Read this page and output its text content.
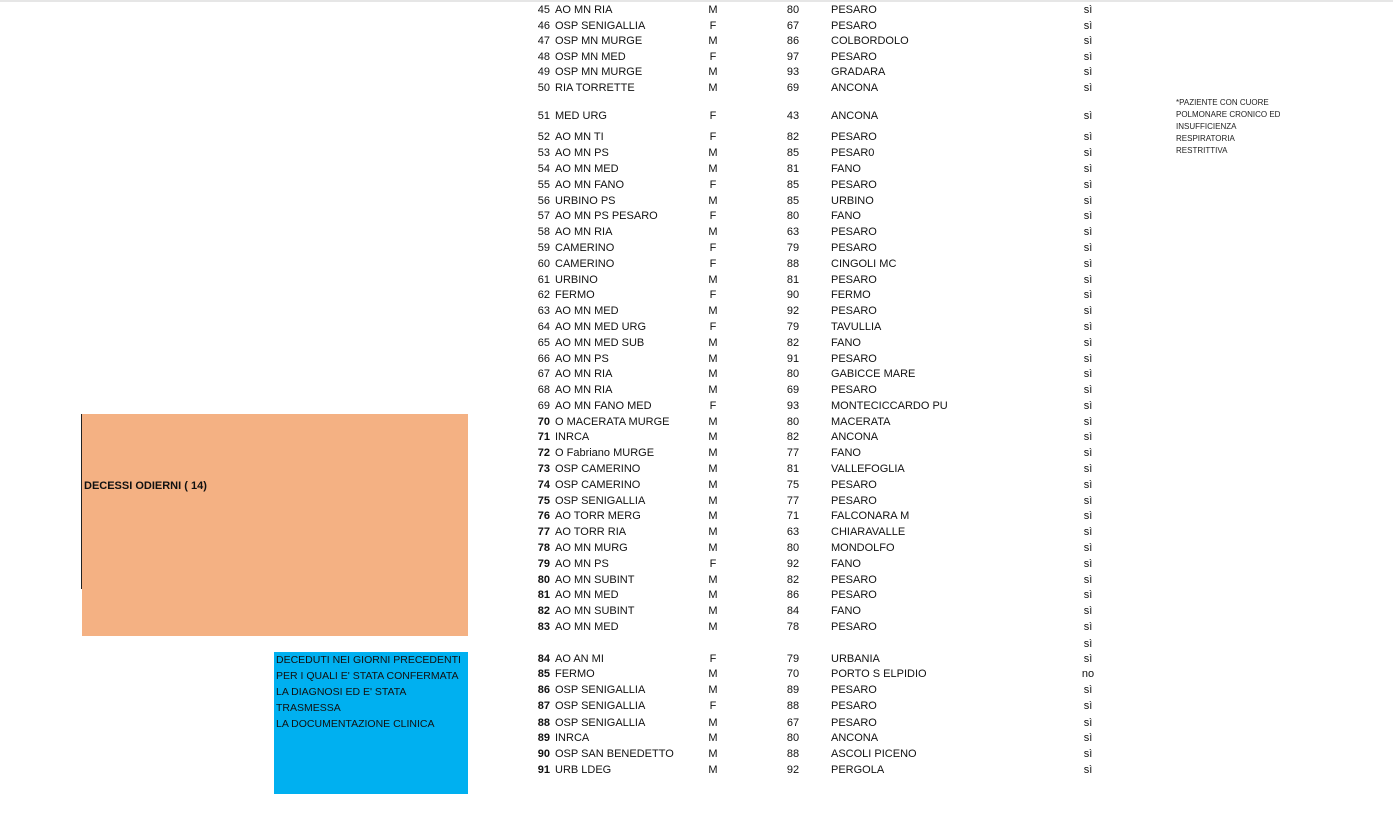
45 AO MN RIA	M	80	PESARO	sì
46 OSP SENIGALLIA	F	67	PESARO	sì
47 OSP MN MURGE	M	86	COLBORDOLO	sì
48 OSP MN MED	F	97	PESARO	sì
49 OSP MN MURGE	M	93	GRADARA	sì
50 RIA TORRETTE	M	69	ANCONA	sì
51 MED URG	F	43	ANCONA	sì
52 AO MN TI	F	82	PESARO	sì
53 AO MN PS	M	85	PESAR0	sì
54 AO MN MED	M	81	FANO	sì
55 AO MN FANO	F	85	PESARO	sì
56 URBINO PS	M	85	URBINO	sì
57 AO MN PS PESARO	F	80	FANO	sì
58 AO MN RIA	M	63	PESARO	sì
59 CAMERINO	F	79	PESARO	sì
60 CAMERINO	F	88	CINGOLI MC	sì
61 URBINO	M	81	PESARO	sì
62 FERMO	F	90	FERMO	sì
63 AO MN MED	M	92	PESARO	sì
64 AO MN MED URG	F	79	TAVULLIA	sì
65 AO MN MED SUB	M	82	FANO	sì
66 AO MN PS	M	91	PESARO	sì
67 AO MN RIA	M	80	GABICCE MARE	sì
68 AO MN RIA	M	69	PESARO	sì
69 AO MN FANO MED	F	93	MONTECICCARDO PU	sì
70 O MACERATA MURGE	M	80	MACERATA	sì
71 INRCA	M	82	ANCONA	sì
72 O Fabriano MURGE	M	77	FANO	sì
73 OSP CAMERINO	M	81	VALLEFOGLIA	sì
74 OSP CAMERINO	M	75	PESARO	sì
75 OSP SENIGALLIA	M	77	PESARO	sì
76 AO TORR MERG	M	71	FALCONARA M	sì
77 AO TORR RIA	M	63	CHIARAVALLE	sì
78 AO MN MURG	M	80	MONDOLFO	sì
79 AO MN PS	F	92	FANO	sì
80 AO MN SUBINT	M	82	PESARO	sì
81 AO MN MED	M	86	PESARO	sì
82 AO MN SUBINT	M	84	FANO	sì
83 AO MN MED	M	78	PESARO	sì
84 AO AN MI	F	79	URBANIA	sì
85 FERMO	M	70	PORTO S ELPIDIO	no
86 OSP SENIGALLIA	M	89	PESARO	sì
87 OSP SENIGALLIA	F	88	PESARO	sì
88 OSP SENIGALLIA	M	67	PESARO	sì
89 INRCA	M	80	ANCONA	sì
90 OSP SAN BENEDETTO	M	88	ASCOLI PICENO	sì
91 URB LDEG	M	92	PERGOLA	sì
sì
DECESSI ODIERNI ( 14)
DECEDUTI NEI GIORNI PRECEDENTI
PER I QUALI E' STATA CONFERMATA
LA DIAGNOSI ED E' STATA TRASMESSA
LA DOCUMENTAZIONE CLINICA
*PAZIENTE CON CUORE
POLMONARE CRONICO ED
INSUFFICIENZA RESPIRATORIA
RESTRITTIVA
